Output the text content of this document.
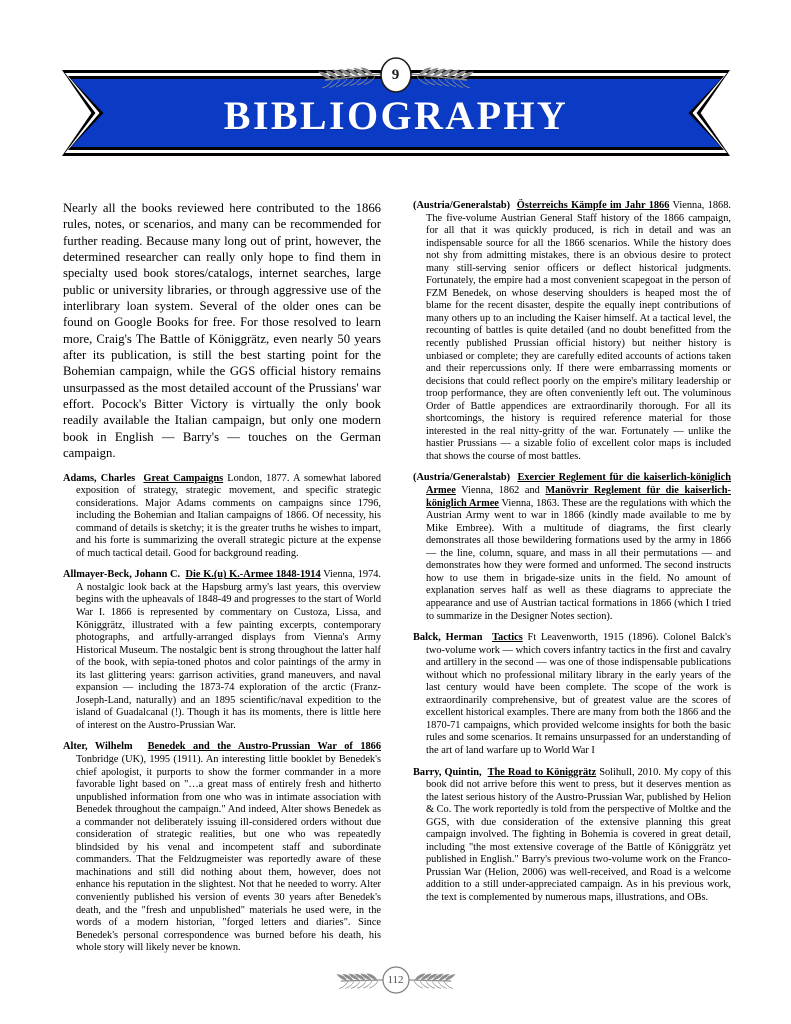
BIBLIOGRAPHY
9

Nearly all the books reviewed here contributed to the 1866 rules, notes, or scenarios, and many can be recommended for further reading. Because many long out of print, however, the determined researcher can really only hope to find them in specialty used book stores/catalogs, internet searches, large public or university libraries, or through aggressive use of the interlibrary loan system. Several of the older ones can be found on Google Books for free. For those resolved to learn more, Craig's The Battle of Königgrätz, even nearly 50 years after its publication, is still the best starting point for the Bohemian campaign, while the GGS official history remains unsurpassed as the most detailed account of the Prussians' war effort. Pocock's Bitter Victory is virtually the only book readily available the Italian campaign, but only one modern book in English — Barry's — touches on the German campaign.

Adams, Charles Great Campaigns London, 1877. A somewhat labored exposition of strategy, strategic movement, and specific strategic considerations. Major Adams comments on campaigns since 1796, including the Bohemian and Italian campaigns of 1866. Of necessity, his command of details is sketchy; it is the greater truths he wishes to impart, and his forte is summarizing the overall strategic picture at the expense of much tactical detail. Good for background reading.

Allmayer-Beck, Johann C. Die K.(u) K.-Armee 1848-1914 Vienna, 1974. A nostalgic look back at the Hapsburg army's last years, this overview begins with the upheavals of 1848-49 and progresses to the start of World War I. 1866 is represented by commentary on Custoza, Lissa, and Königgrätz, illustrated with a few painting excerpts, contemporary photographs, and artfully-arranged displays from Vienna's Army Historical Museum. The nostalgic bent is strong throughout the latter half of the book, with sepia-toned photos and color paintings of the army in its last glittering years: garrison activities, grand maneuvers, and naval expansion — including the 1873-74 exploration of the arctic (Franz-Joseph-Land, naturally) and an 1895 scientific/naval expedition to the island of Guadalcanal (!). Though it has its moments, there is little here of interest on the Austro-Prussian War.

Alter, Wilhelm Benedek and the Austro-Prussian War of 1866 Tonbridge (UK), 1995 (1911). An interesting little booklet by Benedek's chief apologist, it purports to show the former commander in a more favorable light based on "…a great mass of entirely fresh and hitherto unpublished information from one who was in intimate association with Benedek throughout the campaign." And indeed, Alter shows Benedek as a commander not deliberately issuing ill-considered orders without due consideration of strategic realities, but one who was repeatedly blindsided by his venal and incompetent staff and subordinate commanders. That the Feldzugmeister was reportedly aware of these machinations and still did nothing about them, however, does not enhance his reputation in the slightest. Not that he needed to worry. Alter conveniently published his version of events 30 years after Benedek's death, and the "fresh and unpublished" materials he used were, in the words of a modern historian, "forged letters and diaries". Since Benedek's personal correspondence was burned before his death, his whole story will likely never be known.

(Austria/Generalstab) Österreichs Kämpfe im Jahr 1866 Vienna, 1868. The five-volume Austrian General Staff history of the 1866 campaign, for all that it was quickly produced, is rich in detail and was an indispensable source for all the 1866 scenarios. While the history does not shy from admitting mistakes, there is an obvious desire to protect many still-serving senior officers or deflect historical judgments. Fortunately, the empire had a most convenient scapegoat in the person of FZM Benedek, on whose deserving shoulders is heaped most the of blame for the recent disaster, despite the equally inept contributions of many others up to an including the Kaiser himself. At a tactical level, the recounting of battles is quite detailed (and no doubt benefitted from the recently published Prussian official history) but neither history is unbiased or complete; they are carefully edited accounts of actions taken and their repercussions only. If there were embarrassing moments or decisions that could reflect poorly on the empire's military leadership or troop performance, they are often conveniently left out. The voluminous Order of Battle appendices are extraordinarily thorough. For all its shortcomings, the history is required reference material for those interested in the real nitty-gritty of the war. Fortunately — unlike the hastier Prussians — a sizable folio of excellent color maps is included that shows the course of most battles.

(Austria/Generalstab) Exercier Reglement für die kaiserlich-königlich Armee Vienna, 1862 and Manövrir Reglement für die kaiserlich-königlich Armee Vienna, 1863. These are the regulations with which the Austrian Army went to war in 1866 (kindly made available to me by Mike Embree). With a multitude of diagrams, the first clearly demonstrates all those bewildering formations used by the army in 1866 — the line, column, square, and mass in all their permutations — and demonstrates how they were formed and unformed. The second instructs how to use them in brigade-size units in the field. No amount of explanation serves half as well as these diagrams to appreciate the appearance and use of Austrian tactical formations in 1866 (which I tried to summarize in the Designer Notes section).

Balck, Herman Tactics Ft Leavenworth, 1915 (1896). Colonel Balck's two-volume work — which covers infantry tactics in the first and cavalry and artillery in the second — was one of those indispensable publications without which no professional military library in the early years of the last century would have been complete. The scope of the work is extraordinarily comprehensive, but of greatest value are the scores of excellent historical examples. There are many from both the 1866 and the 1870-71 campaigns, which provided welcome insights for both the basic rules and some scenarios. It remains unsurpassed for an understanding of the art of land warfare up to World War I

Barry, Quintin, The Road to Königgrätz Solihull, 2010. My copy of this book did not arrive before this went to press, but it deserves mention as the latest serious history of the Austro-Prussian War, published by Helion & Co. The work reportedly is told from the perspective of Moltke and the GGS, with due consideration of the extensive planning this great campaign involved. The fighting in Bohemia is covered in great detail, including "the most extensive coverage of the Battle of Königgrätz yet published in English." Barry's previous two-volume work on the Franco-Prussian War (Helion, 2006) was well-received, and Road is a welcome addition to a still under-appreciated campaign. As in his previous work, the text is complemented by numerous maps, illustrations, and OBs.

112
